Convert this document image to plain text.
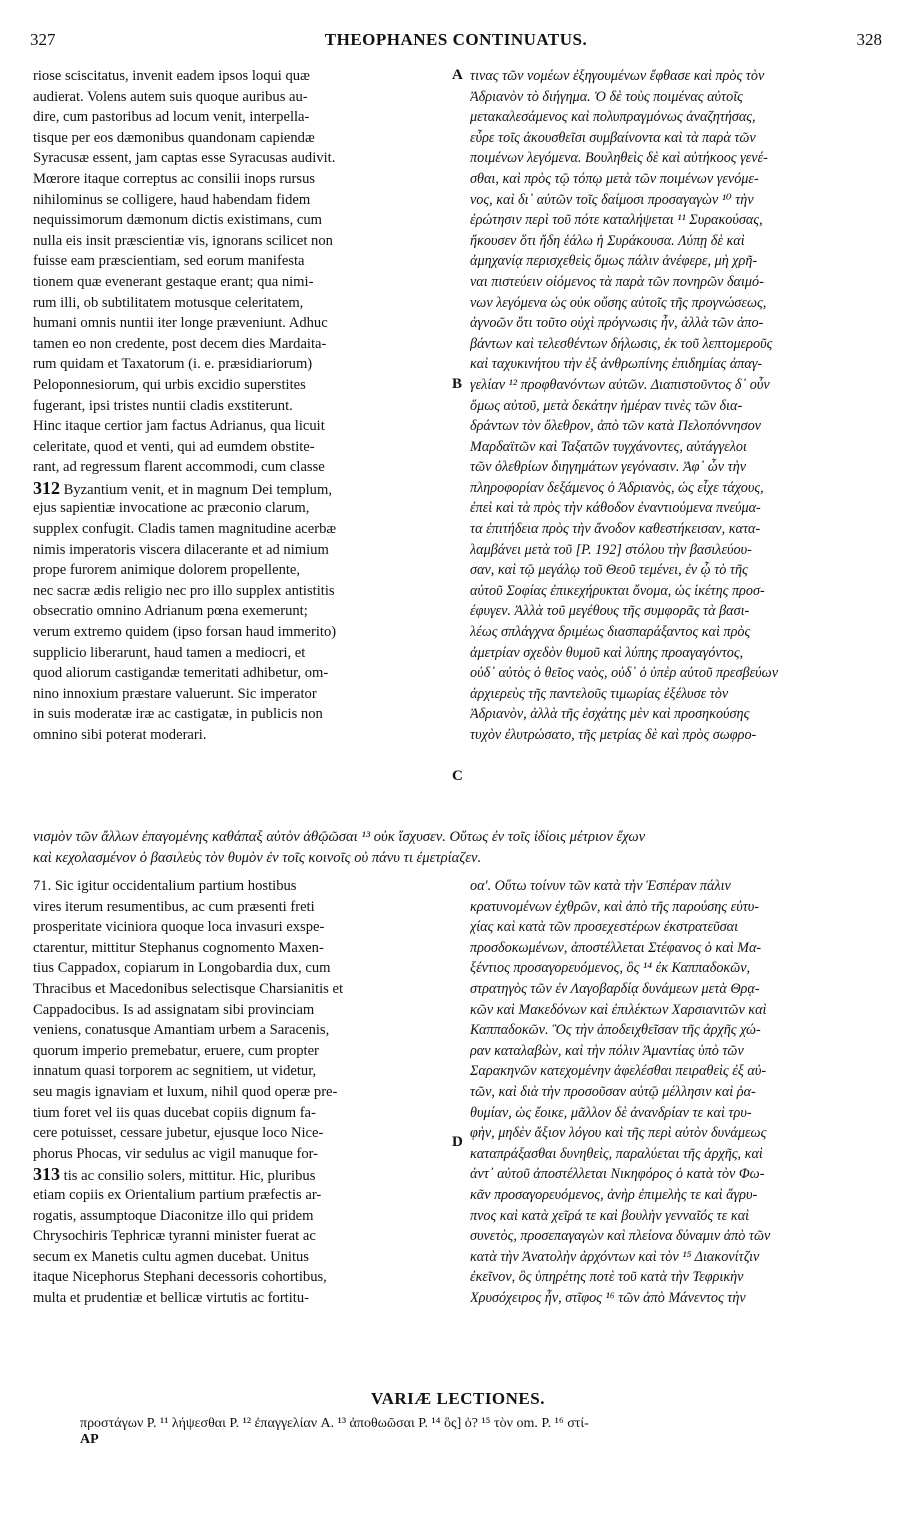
327	THEOPHANES CONTINUATUS.	328
riose sciscitatus, invenit eadem ipsos loqui quæ
audierat. Volens autem suis quoque auribus au-
dire, cum pastoribus ad locum venit, interpella-
tisque per eos dæmonibus quandonam capiendæ
Syracusæ essent, jam captas esse Syracusas audivit.
Mœrore itaque correptus ac consilii inops rursus
nihilominus se colligere, haud habendam fidem
nequissimorum dæmonum dictis existimans, cum
nulla eis insit præscientiæ vis, ignorans scilicet non
fuisse eam præscientiam, sed eorum manifesta
tionem quæ evenerant gestaque erant; qua nimi-
rum illi, ob subtilitatem motusque celeritatem,
humani omnis nuntii iter longe præveniunt. Adhuc
tamen eo non credente, post decem dies Mardaita-
rum quidam et Taxatorum (i. e. præsidiariorum)
Peloponnesiorum, qui urbis excidio superstites
fugerant, ipsi tristes nuntii cladis exstiterunt.
Hinc itaque certior jam factus Adrianus, qua licuit
celeritate, quod et venti, qui ad eumdem obstite-
rant, ad regressum flarent accommodi, cum classe
312 Byzantium venit, et in magnum Dei templum,
ejus sapientiæ invocatione ac præconio clarum,
supplex confugit. Cladis tamen magnitudine acerbæ
nimis imperatoris viscera dilacerante et ad nimium
prope furorem animique dolorem propellente,
nec sacræ ædis religio nec pro illo supplex antistitis
obsecratio omnino Adrianum pœna exemerunt;
verum extremo quidem (ipso forsan haud immerito)
supplicio liberarunt, haud tamen a mediocri, et
quod aliorum castigandæ temeritati adhibetur, om-
nino innoxium præstare valuerunt. Sic imperator
in suis moderatæ iræ ac castigatæ, in publicis non
omnino sibi poterat moderari.
τινας τῶν νομέων ἐξηγουμένων ἔφθασε καὶ πρὸς τὸν
Ἀδριανὸν τὸ διήγημα. Ὁ δὲ τοὺς ποιμένας αὐτοῖς
μετακαλεσάμενος καὶ πολυπραγμόνως ἀναζητήσας,
εὗρε τοῖς ἀκουσθεῖσι συμβαίνοντα καὶ τὰ παρὰ τῶν
ποιμένων λεγόμενα. Βουληθεὶς δὲ καὶ αὐτήκοος γενέ-
σθαι, καὶ πρὸς τῷ τόπῳ μετὰ τῶν ποιμένων γενόμε-
νος, καὶ δι᾽ αὐτῶν τοῖς δαίμοσι προσαγαγὼν ¹⁰ τὴν
ἐρώτησιν περὶ τοῦ πότε καταλήψεται ¹¹ Συρακούσας,
ἤκουσεν ὅτι ἤδη ἑάλω ἡ Συράκουσα. Λύπῃ δὲ καὶ
ἀμηχανίᾳ περισχεθεὶς ὅμως πάλιν ἀνέφερε, μὴ χρῆ-
ναι πιστεύειν οἰόμενος τὰ παρὰ τῶν πονηρῶν δαιμό-
νων λεγόμενα ὡς οὐκ οὔσης αὐτοῖς τῆς προγνώσεως,
ἀγνοῶν ὅτι τοῦτο οὐχὶ πρόγνωσις ἦν, ἀλλὰ τῶν ἀπο-
βάντων καὶ τελεσθέντων δήλωσις, ἐκ τοῦ λεπτομεροῦς
καὶ ταχυκινήτου τὴν ἐξ ἀνθρωπίνης ἐπιδημίας ἀπαγ-
γελίαν ¹² προφθανόντων αὐτῶν. Διαπιστοῦντος δ᾽ οὖν
ὅμως αὐτοῦ, μετὰ δεκάτην ἡμέραν τινὲς τῶν δια-
δράντων τὸν ὄλεθρον, ἀπὸ τῶν κατὰ Πελοπόννησον
Μαρδαϊτῶν καὶ Ταξατῶν τυγχάνοντες, αὐτάγγελοι
τῶν ὀλεθρίων διηγημάτων γεγόνασιν. Ἀφ᾽ ὧν τὴν
πληροφορίαν δεξάμενος ὁ Ἀδριανὸς, ὡς εἶχε τάχους,
ἐπεὶ καὶ τὰ πρὸς τὴν κάθοδον ἐναντιούμενα πνεύμα-
τα ἐπιτήδεια πρὸς τὴν ἄνοδον καθεστήκεισαν, κατα-
λαμβάνει μετὰ τοῦ [P. 192] στόλου τὴν βασιλεύου-
σαν, καὶ τῷ μεγάλῳ τοῦ Θεοῦ τεμένει, ἐν ᾧ τὸ τῆς
αὐτοῦ Σοφίας ἐπικεχήρυκται ὄνομα, ὡς ἱκέτης προσ-
έφυγεν. Ἀλλὰ τοῦ μεγέθους τῆς συμφορᾶς τὰ βασι-
λέως σπλάγχνα δριμέως διασπαράξαντος καὶ πρὸς
ἀμετρίαν σχεδὸν θυμοῦ καὶ λύπης προαγαγόντος,
οὐδ᾽ αὐτὸς ὁ θεῖος ναὸς, οὐδ᾽ ὁ ὑπὲρ αὐτοῦ πρεσβεύων
ἀρχιερεὺς τῆς παντελοῦς τιμωρίας ἐξέλυσε τὸν
Ἀδριανὸν, ἀλλὰ τῆς ἐσχάτης μὲν καὶ προσηκούσης
τυχὸν ἐλυτρώσατο, τῆς μετρίας δὲ καὶ πρὸς σωφρο-
νισμὸν τῶν ἄλλων ἐπαγομένης καθάπαξ αὐτὸν ἀθῷῶσαι ¹³ οὐκ ἴσχυσεν. Οὕτως ἐν τοῖς ἰδίοις μέτριον ἔχων
καὶ κεχολασμένον ὁ βασιλεὺς τὸν θυμὸν ἐν τοῖς κοινοῖς οὐ πάνυ τι ἐμετρίαζεν.
71. Sic igitur occidentalium partium hostibus
vires iterum resumentibus, ac cum præsenti freti
prosperitate viciniora quoque loca invasuri exspe-
ctarentur, mittitur Stephanus cognomento Maxen-
tius Cappadox, copiarum in Longobardia dux, cum
Thracibus et Macedonibus selectisque Charsianitis et
Cappadocibus. Is ad assignatam sibi provinciam
veniens, conatusque Amantiam urbem a Saracenis,
quorum imperio premebatur, eruere, cum propter
innatum quasi torporem ac segnitiem, ut videtur,
seu magis ignaviam et luxum, nihil quod operæ pre-
tium foret vel iis quas ducebat copiis dignum fa-
cere potuisset, cessare jubetur, ejusque loco Nice-
phorus Phocas, vir sedulus ac vigil manuque for-
313 tis ac consilio solers, mittitur. Hic, pluribus
etiam copiis ex Orientalium partium præfectis ar-
rogatis, assumptoque Diaconitze illo qui pridem
Chrysochiris Tephricæ tyranni minister fuerat ac
secum ex Manetis cultu agmen ducebat. Unitus
itaque Nicephorus Stephani decessoris cohortibus,
multa et prudentiæ et bellicæ virtutis ac fortitu-
οα'. Οὕτω τοίνυν τῶν κατὰ τὴν Ἑσπέραν πάλιν
κρατυνομένων ἐχθρῶν, καὶ ἀπὸ τῆς παρούσης εὐτυ-
χίας καὶ κατὰ τῶν προσεχεστέρων ἐκστρατεῦσαι
προσδοκωμένων, ἀποστέλλεται Στέφανος ὁ καὶ Μα-
ξέντιος προσαγορευόμενος, ὃς ¹⁴ ἐκ Καππαδοκῶν,
στρατηγὸς τῶν ἐν Λαγοβαρδίᾳ δυνάμεων μετὰ Θρᾳ-
κῶν καὶ Μακεδόνων καὶ ἐπιλέκτων Χαρσιανιτῶν καὶ
Καππαδοκῶν. Ὃς τὴν ἀποδειχθεῖσαν τῆς ἀρχῆς χώ-
ραν καταλαβὼν, καὶ τὴν πόλιν Ἀμαντίας ὑπὸ τῶν
Σαρακηνῶν κατεχομένην ἀφελέσθαι πειραθεὶς ἐξ αὐ-
τῶν, καὶ διὰ τὴν προσοῦσαν αὐτῷ μέλλησιν καὶ ῥα-
θυμίαν, ὡς ἔοικε, μᾶλλον δὲ ἀνανδρίαν τε καὶ τρυ-
φὴν, μηδὲν ἄξιον λόγου καὶ τῆς περὶ αὐτὸν δυνάμεως
καταπράξασθαι δυνηθεὶς, παραλύεται τῆς ἀρχῆς, καὶ
ἀντ᾽ αὐτοῦ ἀποστέλλεται Νικηφόρος ὁ κατὰ τὸν Φω-
κᾶν προσαγορευόμενος, ἀνὴρ ἐπιμελὴς τε καὶ ἄγρυ-
πνος καὶ κατὰ χεῖρά τε καὶ βουλὴν γενναῖός τε καὶ
συνετὸς, προσεπαγαγὼν καὶ πλείονα δύναμιν ἀπὸ τῶν
κατὰ τὴν Ἀνατολὴν ἀρχόντων καὶ τὸν ¹⁵ Διακονίτζιν
ἐκεῖνον, ὃς ὑπηρέτης ποτὲ τοῦ κατὰ τὴν Τεφρικὴν
Χρυσόχειρος ἦν, στῖφος ¹⁶ τῶν ἀπὸ Μάνεντος τὴν
A
B
C
D
VARIÆ LECTIONES.
προστάγων P. ¹¹ λήψεσθαι P. ¹² ἐπαγγελίαν A. ¹³ ἀποθωῶσαι P. ¹⁴ ὃς] ὁ? ¹⁵ τὸν om. P. ¹⁶ στί-
AP
